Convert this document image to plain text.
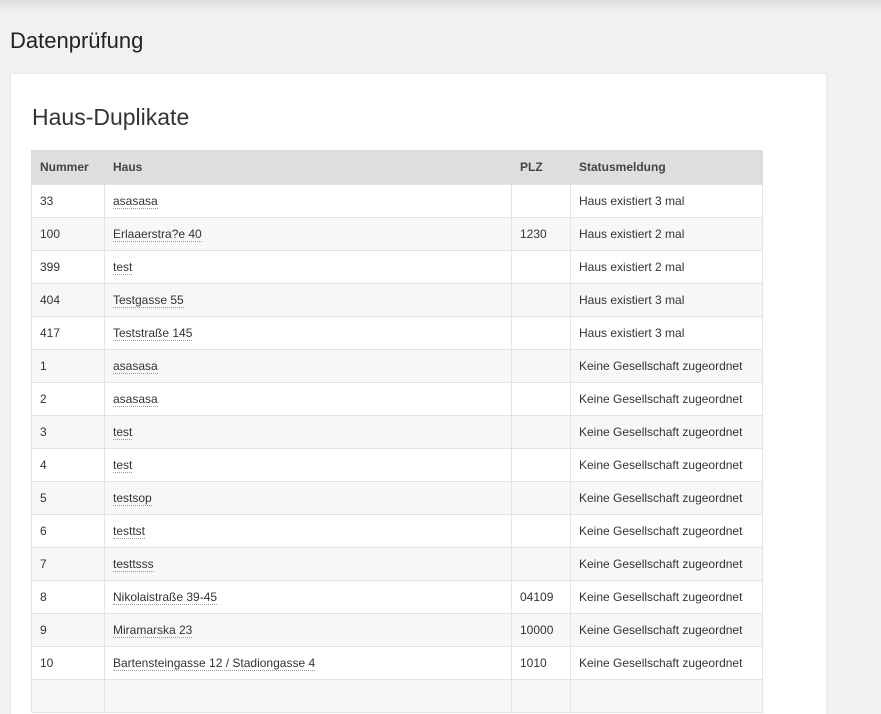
Datenprüfung
Haus-Duplikate
Nummer	Haus	PLZ	Statusmeldung
33	asasasa		Haus existiert 3 mal
100	Erlaaerstra?e 40	1230	Haus existiert 2 mal
399	test		Haus existiert 2 mal
404	Testgasse 55		Haus existiert 3 mal
417	Teststraße 145		Haus existiert 3 mal
1	asasasa		Keine Gesellschaft zugeordnet
2	asasasa		Keine Gesellschaft zugeordnet
3	test		Keine Gesellschaft zugeordnet
4	test		Keine Gesellschaft zugeordnet
5	testsop		Keine Gesellschaft zugeordnet
6	testtst		Keine Gesellschaft zugeordnet
7	testtsss		Keine Gesellschaft zugeordnet
8	Nikolaistraße 39-45	04109	Keine Gesellschaft zugeordnet
9	Miramarska 23	10000	Keine Gesellschaft zugeordnet
10	Bartensteingasse 12 / Stadiongasse 4	1010	Keine Gesellschaft zugeordnet
